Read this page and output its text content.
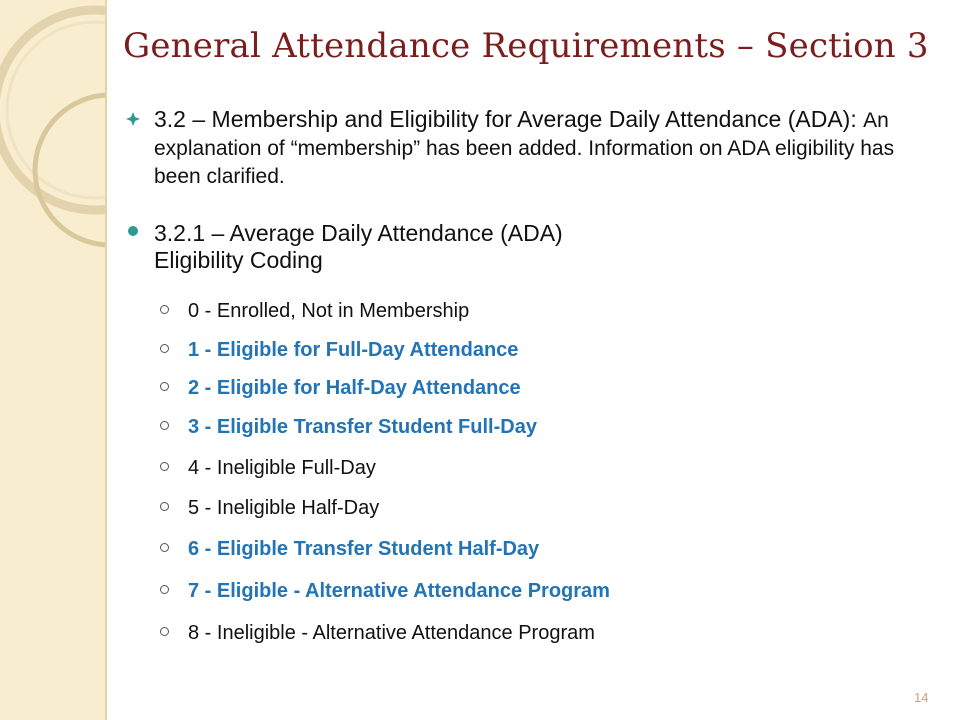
General Attendance Requirements – Section 3
3.2 – Membership and Eligibility for Average Daily Attendance (ADA): An explanation of “membership” has been added. Information on ADA eligibility has been clarified.
3.2.1 – Average Daily Attendance (ADA)
Eligibility Coding
0 - Enrolled, Not in Membership
1 - Eligible for Full-Day Attendance
2 - Eligible for Half-Day Attendance
3 - Eligible Transfer Student Full-Day
4 - Ineligible Full-Day
5 - Ineligible Half-Day
6 - Eligible Transfer Student Half-Day
7 - Eligible - Alternative Attendance Program
8 - Ineligible - Alternative Attendance Program
14
